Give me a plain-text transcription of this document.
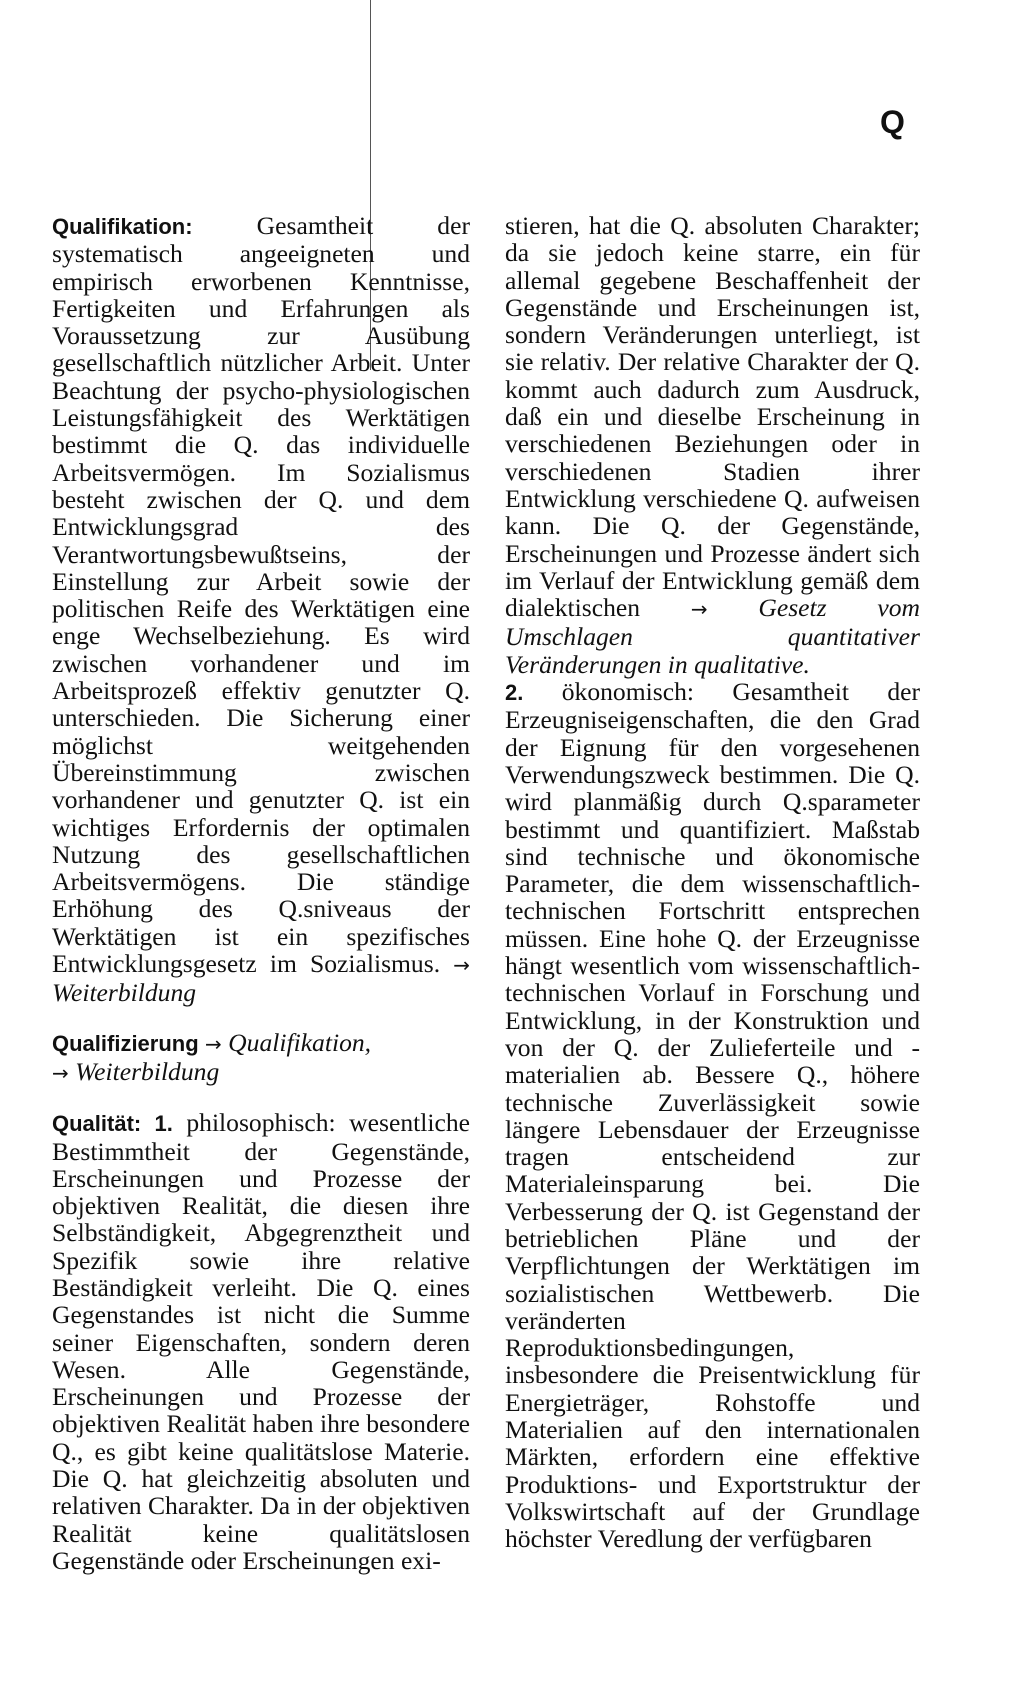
Q

Qualifikation: Gesamtheit der systematisch angeeigneten und empirisch erworbenen Kenntnisse, Fertigkeiten und Erfahrungen als Voraussetzung zur Ausübung gesellschaftlich nützlicher Arbeit. Unter Beachtung der psycho-physiologischen Leistungsfähigkeit des Werktätigen bestimmt die Q. das individuelle Arbeitsvermögen. Im Sozialismus besteht zwischen der Q. und dem Entwicklungsgrad des Verantwortungsbewußtseins, der Einstellung zur Arbeit sowie der politischen Reife des Werktätigen eine enge Wechselbeziehung. Es wird zwischen vorhandener und im Arbeitsprozeß effektiv genutzter Q. unterschieden. Die Sicherung einer möglichst weitgehenden Übereinstimmung zwischen vorhandener und genutzter Q. ist ein wichtiges Erfordernis der optimalen Nutzung des gesellschaftlichen Arbeitsvermögens. Die ständige Erhöhung des Q.sniveaus der Werktätigen ist ein spezifisches Entwicklungsgesetz im Sozialismus. → Weiterbildung

Qualifizierung → Qualifikation,
→ Weiterbildung

Qualität: 1. philosophisch: wesentliche Bestimmtheit der Gegenstände, Erscheinungen und Prozesse der objektiven Realität, die diesen ihre Selbständigkeit, Abgegrenztheit und Spezifik sowie ihre relative Beständigkeit verleiht. Die Q. eines Gegenstandes ist nicht die Summe seiner Eigenschaften, sondern deren Wesen. Alle Gegenstände, Erscheinungen und Prozesse der objektiven Realität haben ihre besondere Q., es gibt keine qualitätslose Materie. Die Q. hat gleichzeitig absoluten und relativen Charakter. Da in der objektiven Realität keine qualitätslosen Gegenstände oder Erscheinungen exi-

stieren, hat die Q. absoluten Charakter; da sie jedoch keine starre, ein für allemal gegebene Beschaffenheit der Gegenstände und Erscheinungen ist, sondern Veränderungen unterliegt, ist sie relativ. Der relative Charakter der Q. kommt auch dadurch zum Ausdruck, daß ein und dieselbe Erscheinung in verschiedenen Beziehungen oder in verschiedenen Stadien ihrer Entwicklung verschiedene Q. aufweisen kann. Die Q. der Gegenstände, Erscheinungen und Prozesse ändert sich im Verlauf der Entwicklung gemäß dem dialektischen → Gesetz vom Umschlagen quantitativer Veränderungen in qualitative.
2. ökonomisch: Gesamtheit der Erzeugniseigenschaften, die den Grad der Eignung für den vorgesehenen Verwendungszweck bestimmen. Die Q. wird planmäßig durch Q.sparameter bestimmt und quantifiziert. Maßstab sind technische und ökonomische Parameter, die dem wissenschaftlich-technischen Fortschritt entsprechen müssen. Eine hohe Q. der Erzeugnisse hängt wesentlich vom wissenschaftlich-technischen Vorlauf in Forschung und Entwicklung, in der Konstruktion und von der Q. der Zulieferteile und -materialien ab. Bessere Q., höhere technische Zuverlässigkeit sowie längere Lebensdauer der Erzeugnisse tragen entscheidend zur Materialeinsparung bei. Die Verbesserung der Q. ist Gegenstand der betrieblichen Pläne und der Verpflichtungen der Werktätigen im sozialistischen Wettbewerb. Die veränderten Reproduktionsbedingungen, insbesondere die Preisentwicklung für Energieträger, Rohstoffe und Materialien auf den internationalen Märkten, erfordern eine effektive Produktions- und Exportstruktur der Volkswirtschaft auf der Grundlage höchster Veredlung der verfügbaren
